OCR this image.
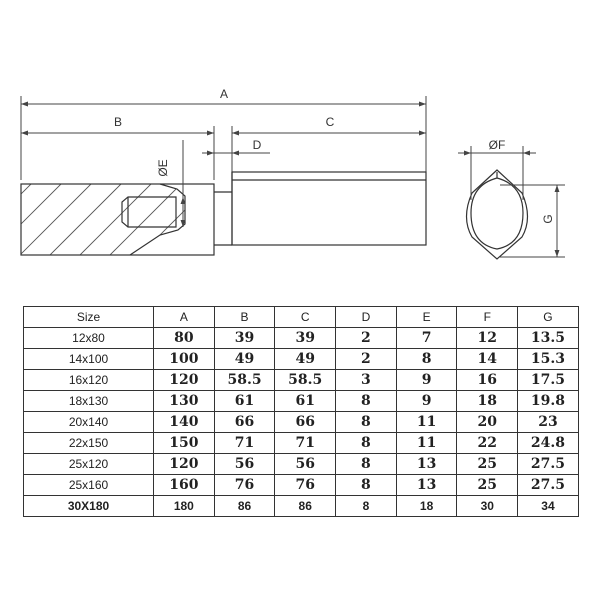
A
B	C
D
ØE
ØF
G
Size	A	B	C	D	E	F	G
12x80	80	39	39	2	7	12	13.5
14x100	100	49	49	2	8	14	15.3
16x120	120	58.5	58.5	3	9	16	17.5
18x130	130	61	61	8	9	18	19.8
20x140	140	66	66	8	11	20	23
22x150	150	71	71	8	11	22	24.8
25x120	120	56	56	8	13	25	27.5
25x160	160	76	76	8	13	25	27.5
30X180	180	86	86	8	18	30	34
